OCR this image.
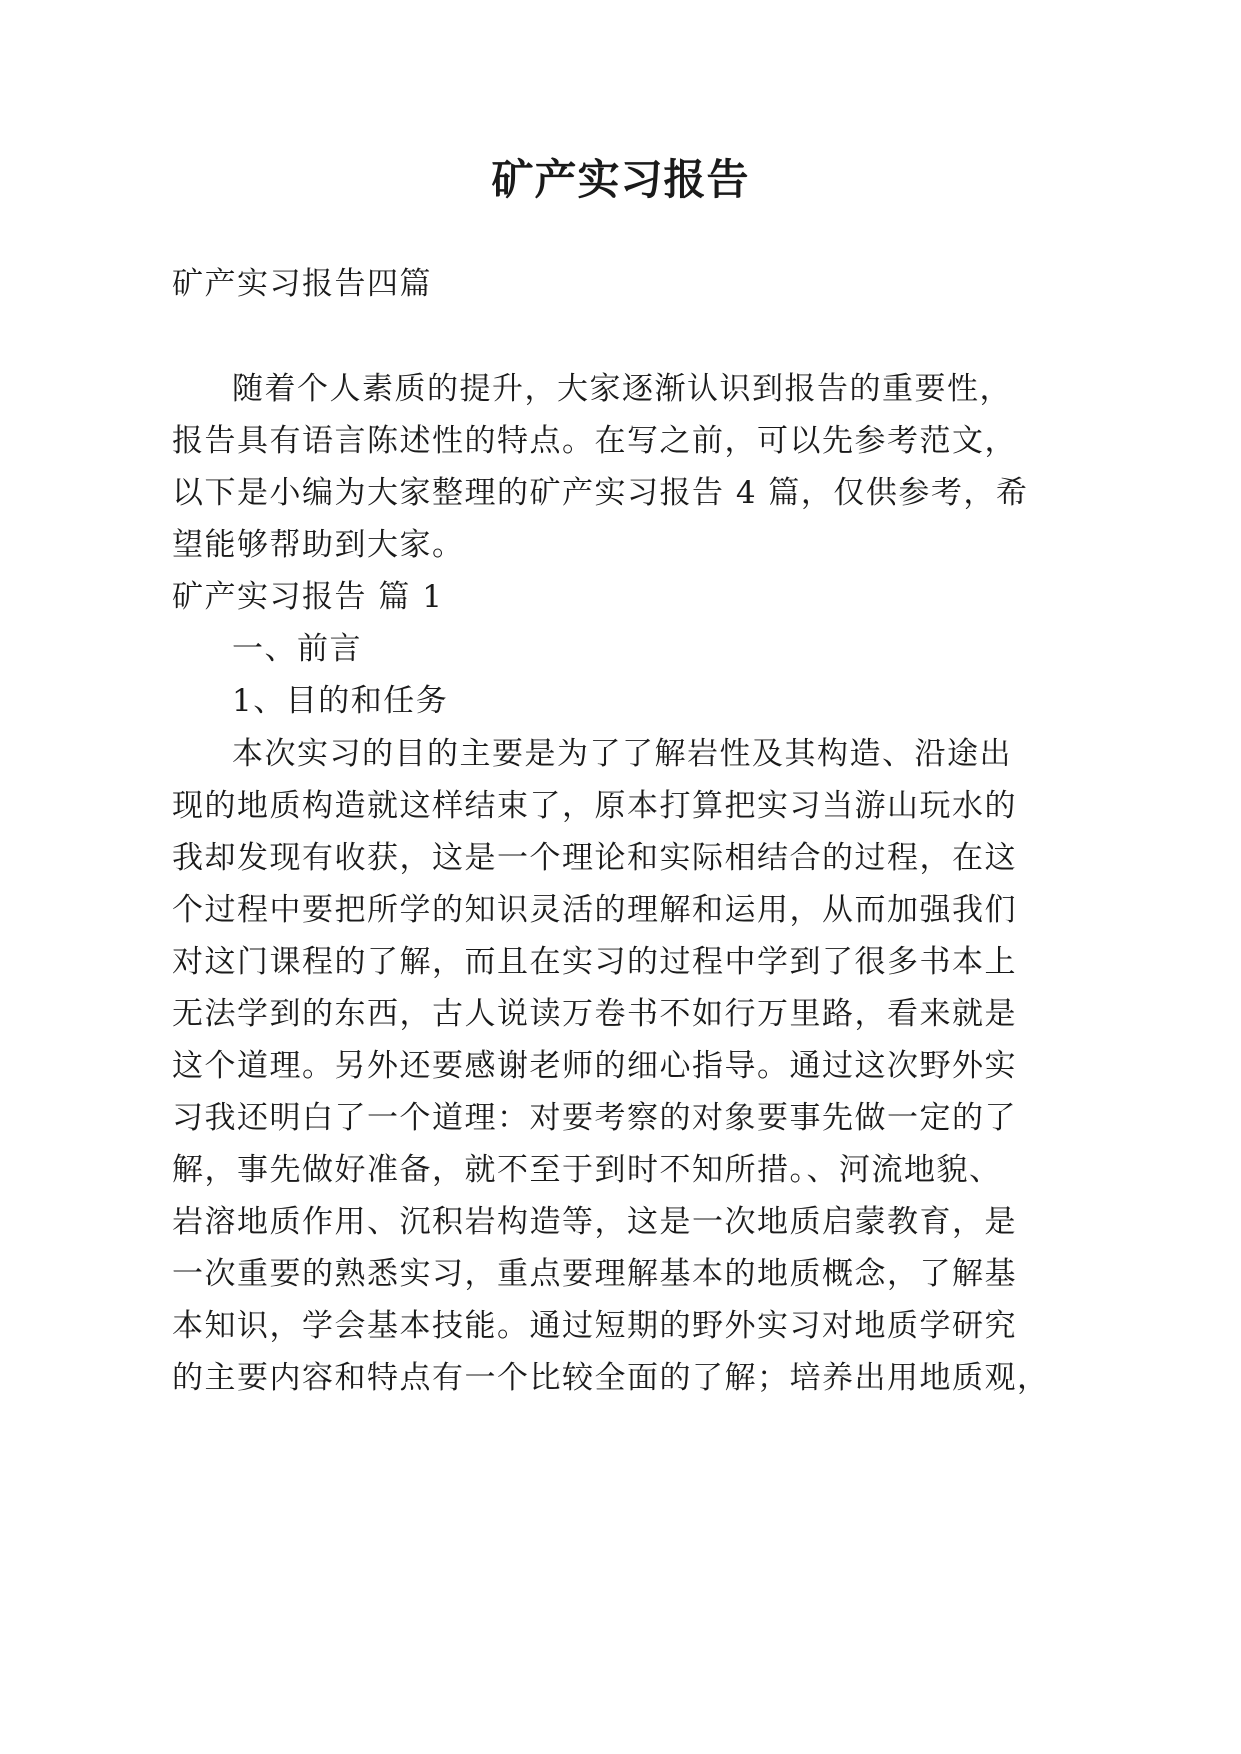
矿产实习报告
矿产实习报告四篇
随着个人素质的提升，大家逐渐认识到报告的重要性，
报告具有语言陈述性的特点。在写之前，可以先参考范文，
以下是小编为大家整理的矿产实习报告 4 篇，仅供参考，希
望能够帮助到大家。
矿产实习报告 篇 1
一、前言
1、目的和任务
本次实习的目的主要是为了了解岩性及其构造、沿途出
现的地质构造就这样结束了，原本打算把实习当游山玩水的
我却发现有收获，这是一个理论和实际相结合的过程，在这
个过程中要把所学的知识灵活的理解和运用，从而加强我们
对这门课程的了解，而且在实习的过程中学到了很多书本上
无法学到的东西，古人说读万卷书不如行万里路，看来就是
这个道理。另外还要感谢老师的细心指导。通过这次野外实
习我还明白了一个道理：对要考察的对象要事先做一定的了
解，事先做好准备，就不至于到时不知所措。、河流地貌、
岩溶地质作用、沉积岩构造等，这是一次地质启蒙教育，是
一次重要的熟悉实习，重点要理解基本的地质概念，了解基
本知识，学会基本技能。通过短期的野外实习对地质学研究
的主要内容和特点有一个比较全面的了解；培养出用地质观，
